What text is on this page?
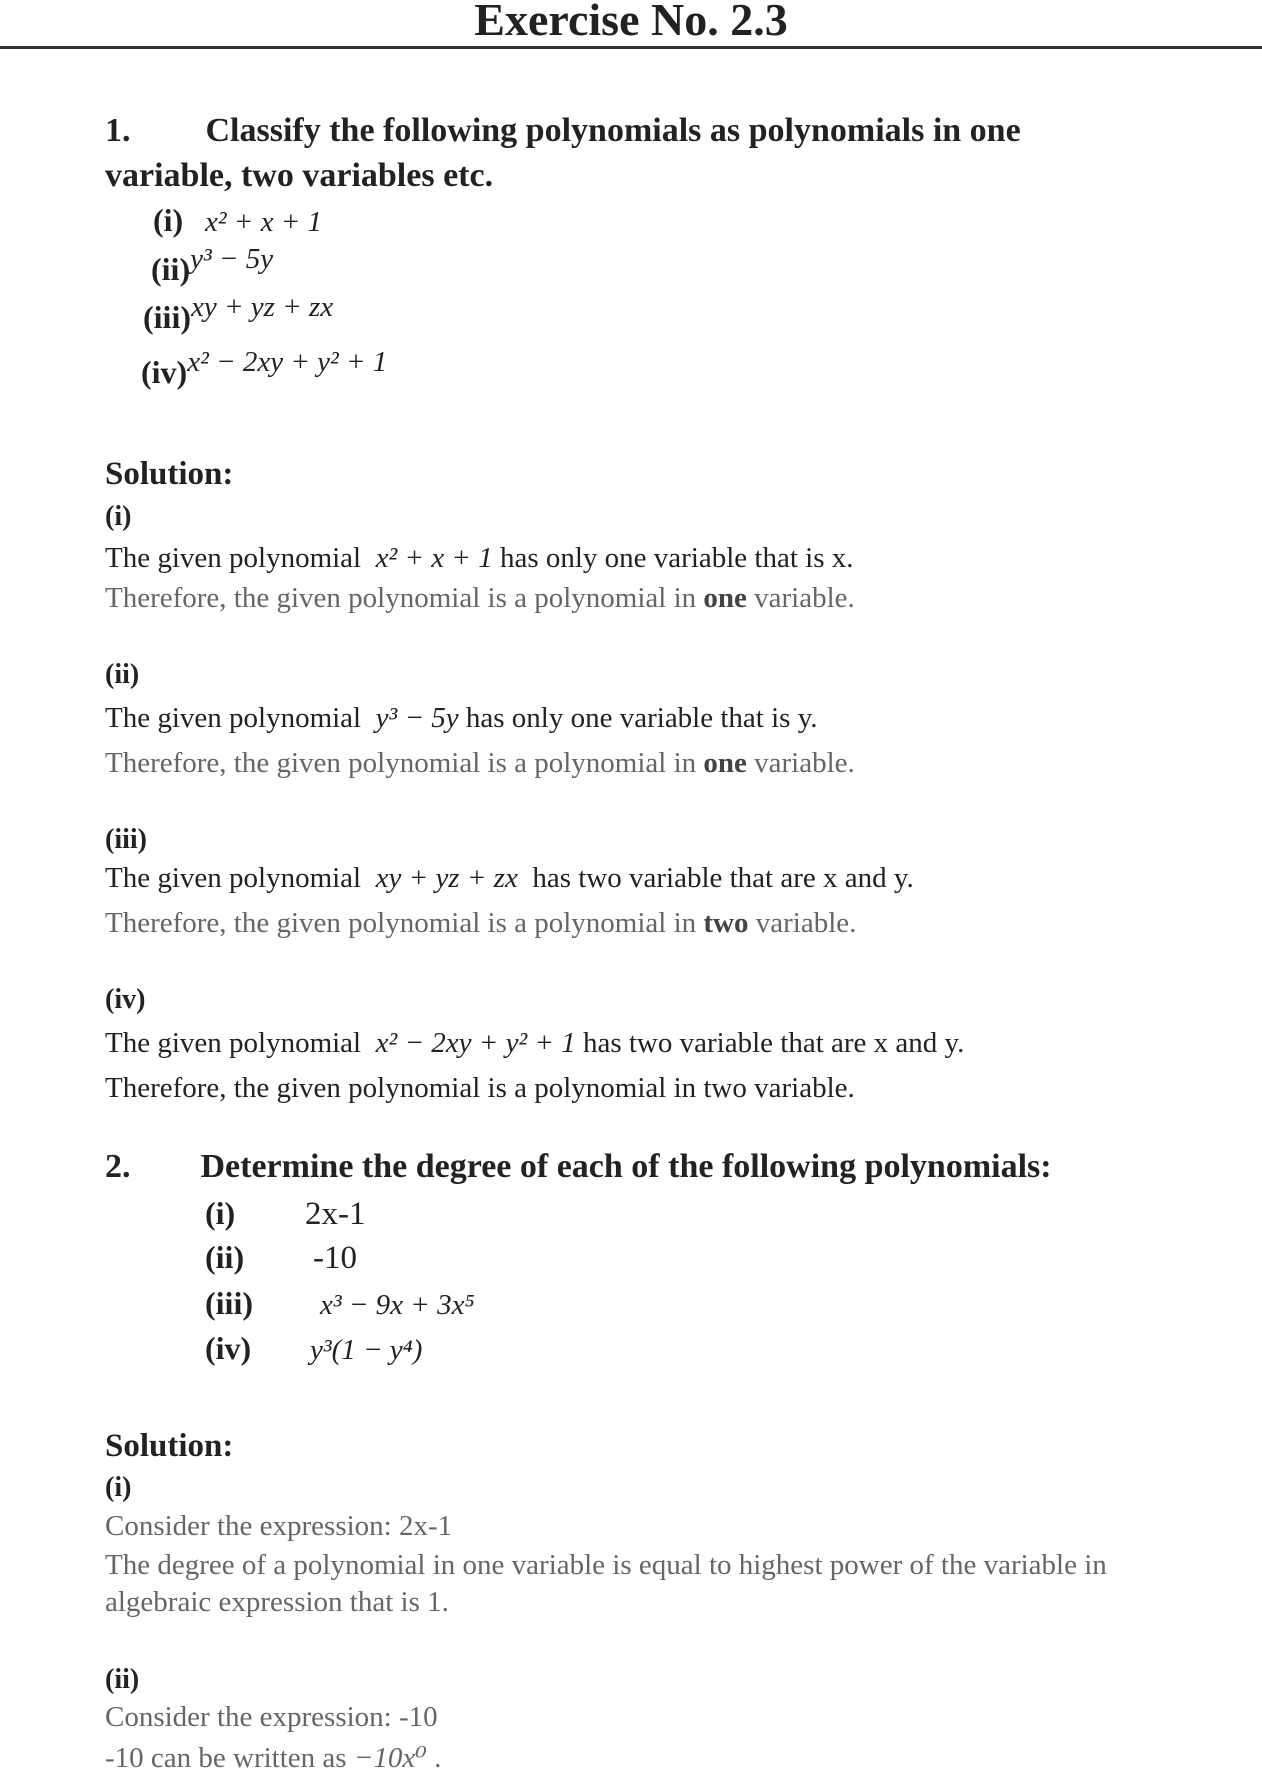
Exercise No. 2.3
1. Classify the following polynomials as polynomials in one
variable, two variables etc.
(i) x² + x + 1
(ii)y³ − 5y
(iii)xy + yz + zx
(iv)x² − 2xy + y² + 1
Solution:
(i)
The given polynomial x² + x + 1 has only one variable that is x.
Therefore, the given polynomial is a polynomial in one variable.
(ii)
The given polynomial y³ − 5y has only one variable that is y.
Therefore, the given polynomial is a polynomial in one variable.
(iii)
The given polynomial xy + yz + zx has two variable that are x and y.
Therefore, the given polynomial is a polynomial in two variable.
(iv)
The given polynomial x² − 2xy + y² + 1 has two variable that are x and y.
Therefore, the given polynomial is a polynomial in two variable.
2. Determine the degree of each of the following polynomials:
(i) 2x-1
(ii) -10
(iii) x³ − 9x + 3x⁵
(iv) y³(1 − y⁴)
Solution:
(i)
Consider the expression: 2x-1
The degree of a polynomial in one variable is equal to highest power of the variable in
algebraic expression that is 1.
(ii)
Consider the expression: -10
-10 can be written as −10x⁰ .
